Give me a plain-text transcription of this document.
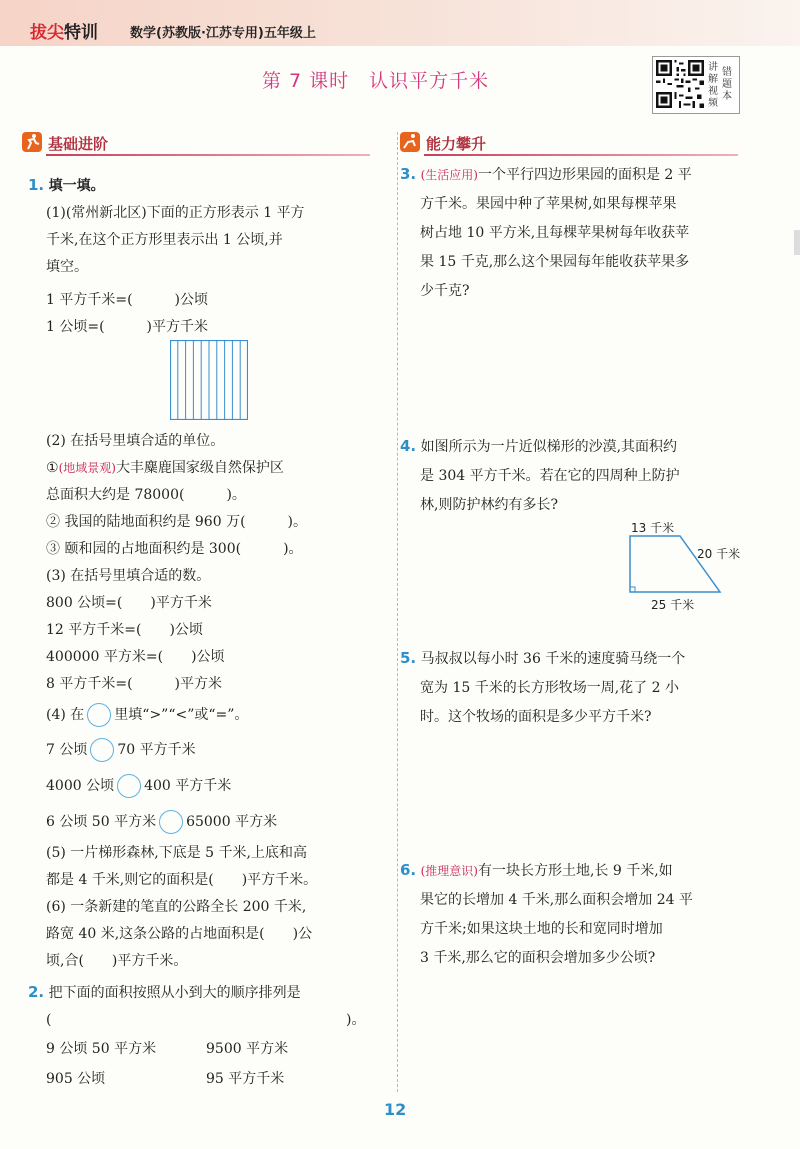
拔尖特训 数学(苏教版·江苏专用)五年级上
第 7 课时　认识平方千米
讲解视频
错题本
基础进阶	能力攀升

1. 填一填。

(1)(常州新北区)下面的正方形表示 1 平方

千米,在这个正方形里表示出 1 公顷,并

填空。

1 平方千米=(　　　)公顷

1 公顷=(　　　)平方千米

(2) 在括号里填合适的单位。

①(地域景观)大丰麋鹿国家级自然保护区

总面积大约是 78000(　　　)。

② 我国的陆地面积约是 960 万(　　　)。

③ 颐和园的占地面积约是 300(　　　)。

(3) 在括号里填合适的数。

800 公顷=(　　)平方千米

12 平方千米=(　　)公顷

400000 平方米=(　　)公顷

8 平方千米=(　　　)平方米

(4) 在 里填“>”“<”或“=”。

7 公顷 70 平方千米

4000 公顷 400 平方千米

6 公顷 50 平方米 65000 平方米

(5) 一片梯形森林,下底是 5 千米,上底和高

都是 4 千米,则它的面积是(　　)平方千米。

(6) 一条新建的笔直的公路全长 200 千米,

路宽 40 米,这条公路的占地面积是(　　)公

顷,合(　　)平方千米。

2. 把下面的面积按照从小到大的顺序排列是

(	)。

9 公顷 50 平方米	9500 平方米

905 公顷	95 平方千米

3. (生活应用)一个平行四边形果园的面积是 2 平

方千米。果园中种了苹果树,如果每棵苹果

树占地 10 平方米,且每棵苹果树每年收获苹

果 15 千克,那么这个果园每年能收获苹果多

少千克?

4. 如图所示为一片近似梯形的沙漠,其面积约

是 304 平方千米。若在它的四周种上防护

林,则防护林约有多长?

13 千米
20 千米
25 千米

5. 马叔叔以每小时 36 千米的速度骑马绕一个

宽为 15 千米的长方形牧场一周,花了 2 小

时。这个牧场的面积是多少平方千米?

6. (推理意识)有一块长方形土地,长 9 千米,如

果它的长增加 4 千米,那么面积会增加 24 平

方千米;如果这块土地的长和宽同时增加

3 千米,那么它的面积会增加多少公顷?

12
